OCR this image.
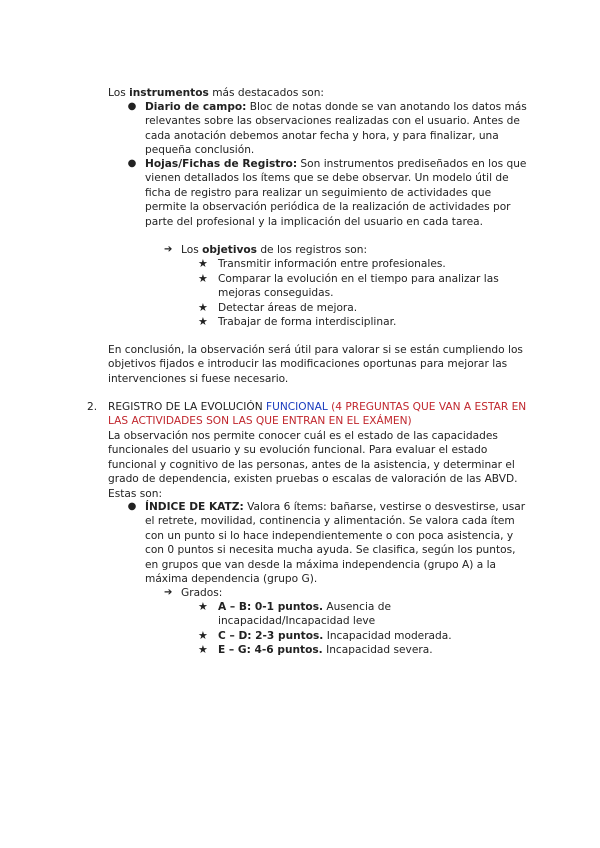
Los instrumentos más destacados son:

● Diario de campo: Bloc de notas donde se van anotando los datos más relevantes sobre las observaciones realizadas con el usuario. Antes de cada anotación debemos anotar fecha y hora, y para finalizar, una pequeña conclusión.

● Hojas/Fichas de Registro: Son instrumentos prediseñados en los que vienen detallados los ítems que se debe observar. Un modelo útil de ficha de registro para realizar un seguimiento de actividades que permite la observación periódica de la realización de actividades por parte del profesional y la implicación del usuario en cada tarea.

➔ Los objetivos de los registros son:

★ Transmitir información entre profesionales.

★ Comparar la evolución en el tiempo para analizar las mejoras conseguidas.

★ Detectar áreas de mejora.

★ Trabajar de forma interdisciplinar.

En conclusión, la observación será útil para valorar si se están cumpliendo los objetivos fijados e introducir las modificaciones oportunas para mejorar las intervenciones si fuese necesario.

2. REGISTRO DE LA EVOLUCIÓN FUNCIONAL (4 PREGUNTAS QUE VAN A ESTAR EN LAS ACTIVIDADES SON LAS QUE ENTRAN EN EL EXÁMEN)

La observación nos permite conocer cuál es el estado de las capacidades funcionales del usuario y su evolución funcional. Para evaluar el estado funcional y cognitivo de las personas, antes de la asistencia, y determinar el grado de dependencia, existen pruebas o escalas de valoración de las ABVD. Estas son:

● ÍNDICE DE KATZ: Valora 6 ítems: bañarse, vestirse o desvestirse, usar el retrete, movilidad, continencia y alimentación. Se valora cada ítem con un punto si lo hace independientemente o con poca asistencia, y con 0 puntos si necesita mucha ayuda. Se clasifica, según los puntos, en grupos que van desde la máxima independencia (grupo A) a la máxima dependencia (grupo G).

➔ Grados:

★ A – B: 0-1 puntos. Ausencia de incapacidad/Incapacidad leve

★ C – D: 2-3 puntos. Incapacidad moderada.

★ E – G: 4-6 puntos. Incapacidad severa.
